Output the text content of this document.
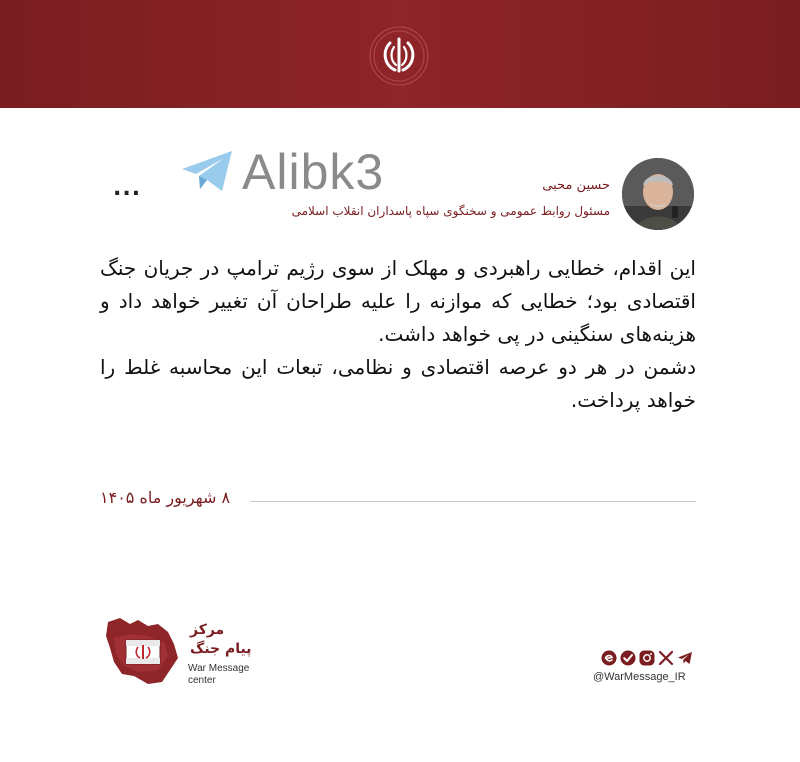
Alibk3
...	حسین محبی
مسئول روابط عمومی و سخنگوی سپاه پاسداران انقلاب اسلامی

این اقدام، خطایی راهبردی و مهلک از سوی رژیم ترامپ در جریان جنگ اقتصادی بود؛ خطایی که موازنه را علیه طراحان آن تغییر خواهد داد و هزینه‌های سنگینی در پی خواهد داشت.

دشمن در هر دو عرصه اقتصادی و نظامی، تبعات این محاسبه غلط را خواهد پرداخت.

۸ شهریور ماه ۱۴۰۵
مرکز
پیام جنگ
War Message
center	@WarMessage_IR
